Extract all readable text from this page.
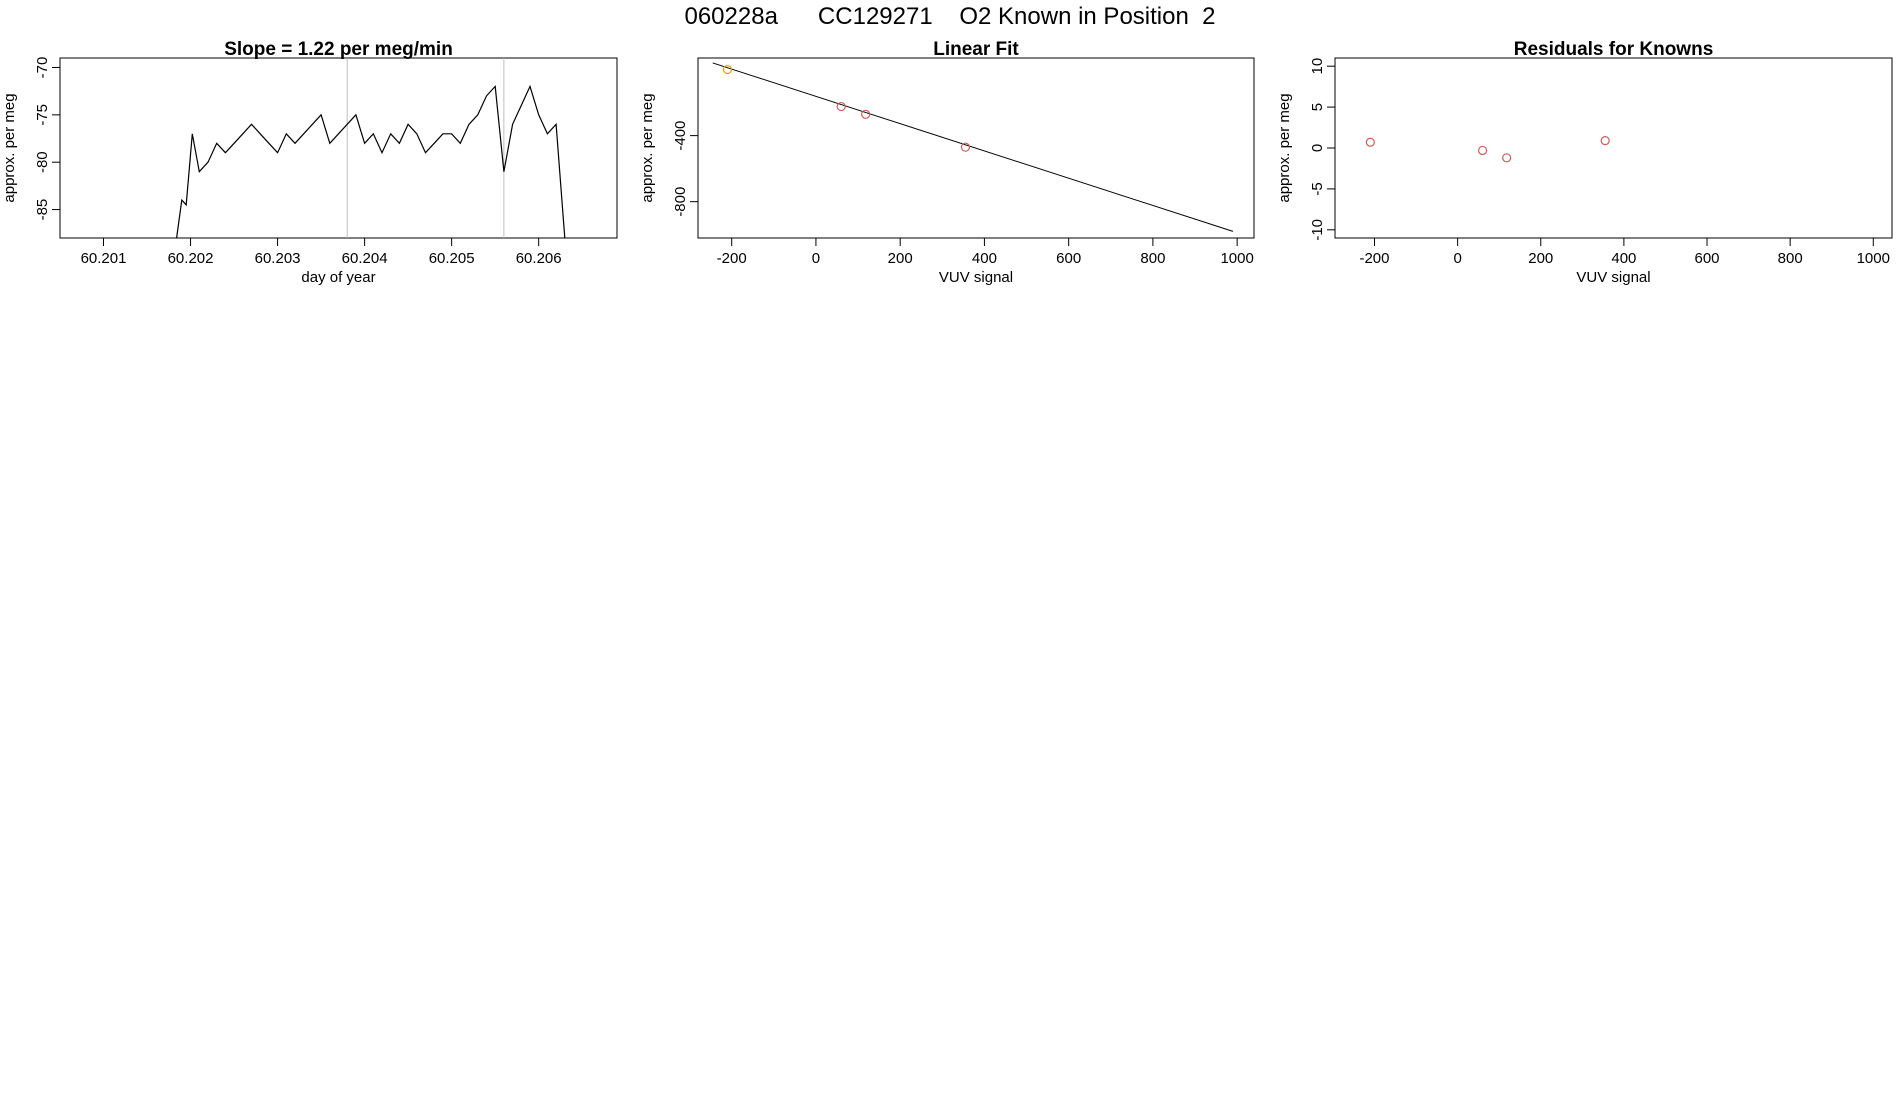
060228a      CC129271    O2 Known in Position  2
Slope = 1.22 per meg/min
60.201	60.202	60.203	60.204	60.205	60.206
day of year
-70
-75
-80
-85
approx. per meg
Linear Fit
-200	0	200	400	600	800	1000
VUV signal
-400
-800
approx. per meg
Residuals for Knowns
-200	0	200	400	600	800	1000
VUV signal
10
5
0
-5
-10
approx. per meg
